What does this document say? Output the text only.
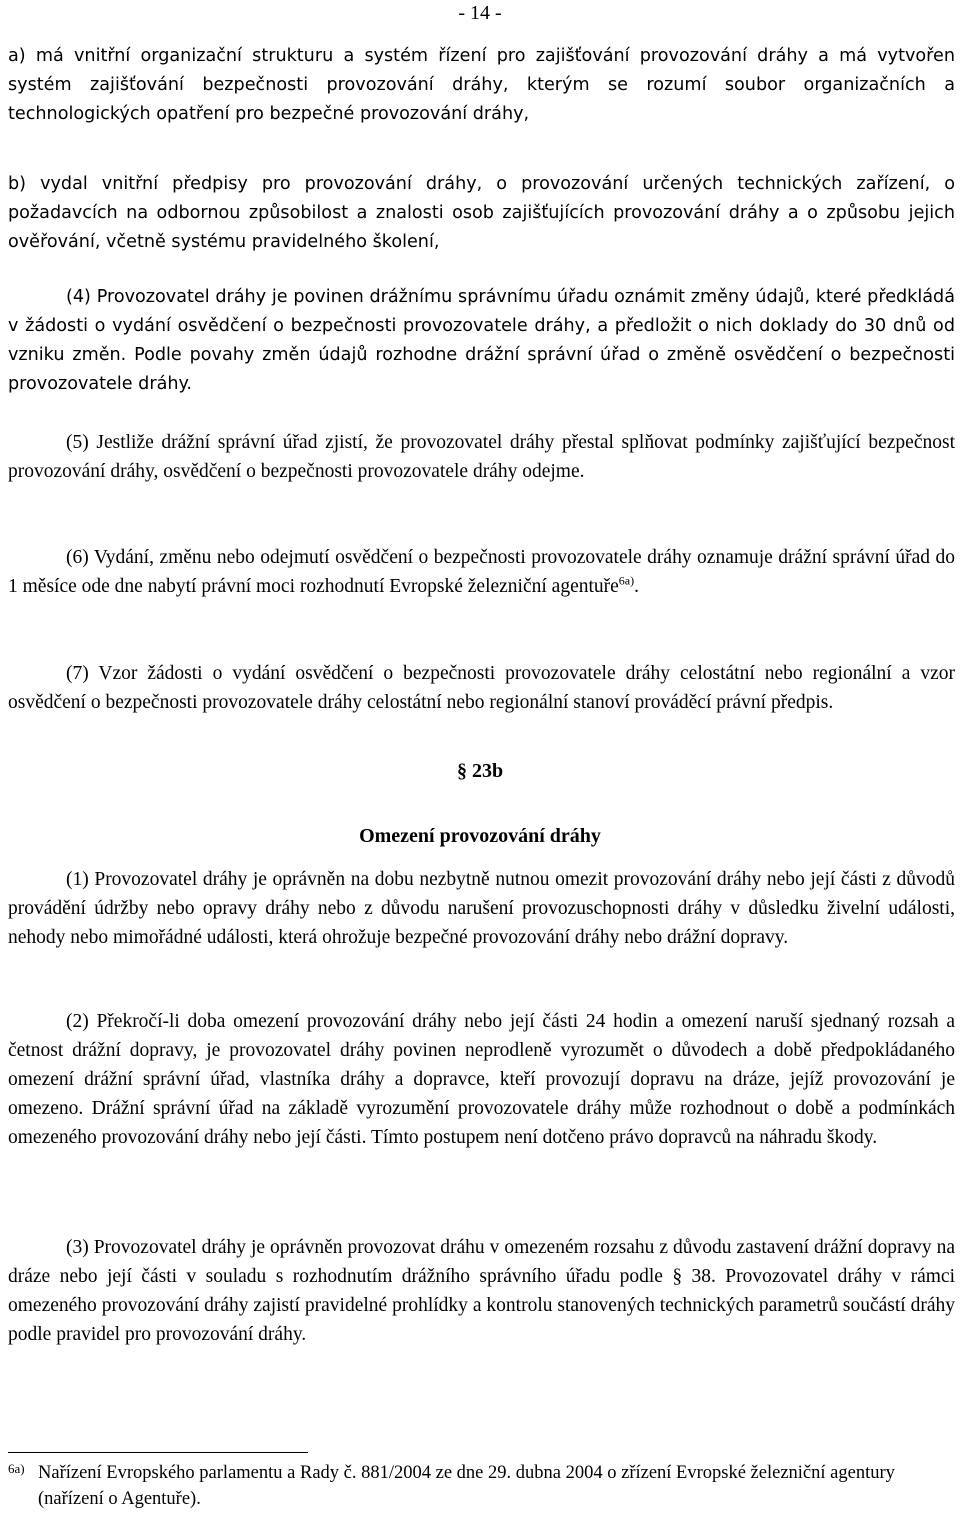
- 14 -

a) má vnitřní organizační strukturu a systém řízení pro zajišťování provozování dráhy a má vytvořen systém zajišťování bezpečnosti provozování dráhy, kterým se rozumí soubor organizačních a technologických opatření pro bezpečné provozování dráhy,

b) vydal vnitřní předpisy pro provozování dráhy, o provozování určených technických zařízení, o požadavcích na odbornou způsobilost a znalosti osob zajišťujících provozování dráhy a o způsobu jejich ověřování, včetně systému pravidelného školení,

(4) Provozovatel dráhy je povinen drážnímu správnímu úřadu oznámit změny údajů, které předkládá v žádosti o vydání osvědčení o bezpečnosti provozovatele dráhy, a předložit o nich doklady do 30 dnů od vzniku změn. Podle povahy změn údajů rozhodne drážní správní úřad o změně osvědčení o bezpečnosti provozovatele dráhy.

(5) Jestliže drážní správní úřad zjistí, že provozovatel dráhy přestal splňovat podmínky zajišťující bezpečnost provozování dráhy, osvědčení o bezpečnosti provozovatele dráhy odejme.

(6) Vydání, změnu nebo odejmutí osvědčení o bezpečnosti provozovatele dráhy oznamuje drážní správní úřad do 1 měsíce ode dne nabytí právní moci rozhodnutí Evropské železniční agentuře$^{6a)}$.

(7) Vzor žádosti o vydání osvědčení o bezpečnosti provozovatele dráhy celostátní nebo regionální a vzor osvědčení o bezpečnosti provozovatele dráhy celostátní nebo regionální stanoví prováděcí právní předpis.

§ 23b
Omezení provozování dráhy

(1) Provozovatel dráhy je oprávněn na dobu nezbytně nutnou omezit provozování dráhy nebo její části z důvodů provádění údržby nebo opravy dráhy nebo z důvodu narušení provozuschopnosti dráhy v důsledku živelní události, nehody nebo mimořádné události, která ohrožuje bezpečné provozování dráhy nebo drážní dopravy.

(2) Překročí-li doba omezení provozování dráhy nebo její části 24 hodin a omezení naruší sjednaný rozsah a četnost drážní dopravy, je provozovatel dráhy povinen neprodleně vyrozumět o důvodech a době předpokládaného omezení drážní správní úřad, vlastníka dráhy a dopravce, kteří provozují dopravu na dráze, jejíž provozování je omezeno. Drážní správní úřad na základě vyrozumění provozovatele dráhy může rozhodnout o době a podmínkách omezeného provozování dráhy nebo její části. Tímto postupem není dotčeno právo dopravců na náhradu škody.

(3) Provozovatel dráhy je oprávněn provozovat dráhu v omezeném rozsahu z důvodu zastavení drážní dopravy na dráze nebo její části v souladu s rozhodnutím drážního správního úřadu podle § 38. Provozovatel dráhy v rámci omezeného provozování dráhy zajistí pravidelné prohlídky a kontrolu stanovených technických parametrů součástí dráhy podle pravidel pro provozování dráhy.

6a) Nařízení Evropského parlamentu a Rady č. 881/2004 ze dne 29. dubna 2004 o zřízení Evropské železniční agentury (nařízení o Agentuře).
